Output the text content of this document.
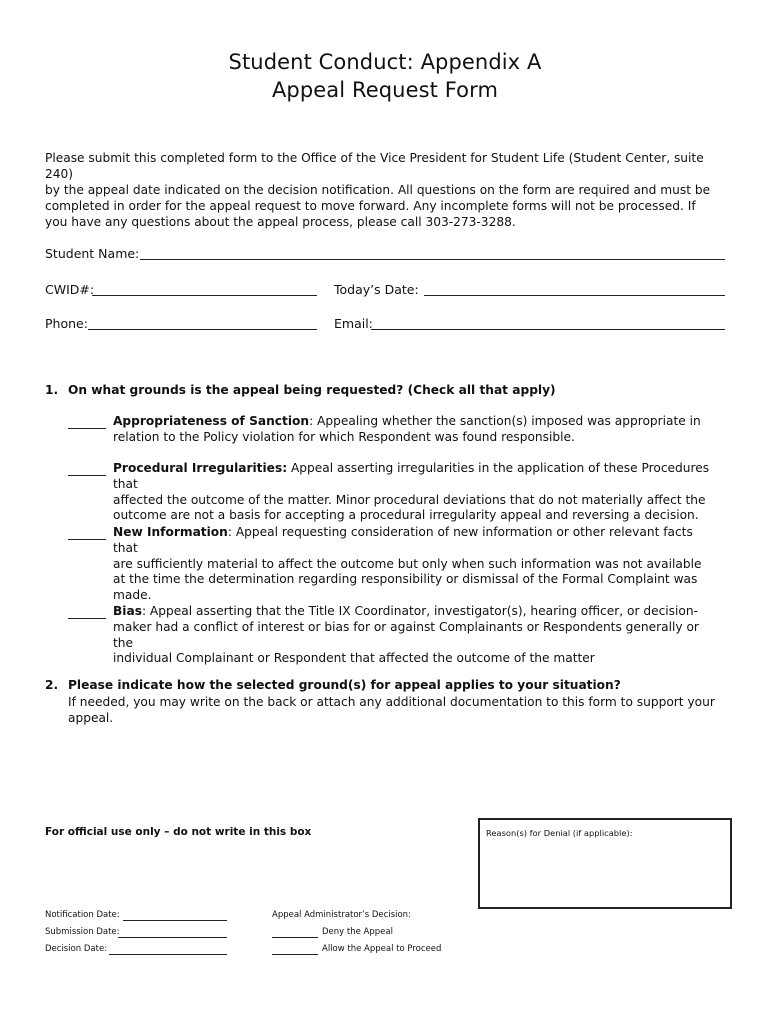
Student Conduct: Appendix A
Appeal Request Form
Please submit this completed form to the Office of the Vice President for Student Life (Student Center, suite 240)
by the appeal date indicated on the decision notification. All questions on the form are required and must be
completed in order for the appeal request to move forward. Any incomplete forms will not be processed. If
you have any questions about the appeal process, please call 303-273-3288.
Student Name:
CWID#:	Today’s Date:
Phone:	Email:
1. On what grounds is the appeal being requested? (Check all that apply)
Appropriateness of Sanction: Appealing whether the sanction(s) imposed was appropriate in
relation to the Policy violation for which Respondent was found responsible.
Procedural Irregularities: Appeal asserting irregularities in the application of these Procedures that
affected the outcome of the matter. Minor procedural deviations that do not materially affect the
outcome are not a basis for accepting a procedural irregularity appeal and reversing a decision.
New Information: Appeal requesting consideration of new information or other relevant facts that
are sufficiently material to affect the outcome but only when such information was not available
at the time the determination regarding responsibility or dismissal of the Formal Complaint was
made.
Bias: Appeal asserting that the Title IX Coordinator, investigator(s), hearing officer, or decision-
maker had a conflict of interest or bias for or against Complainants or Respondents generally or the
individual Complainant or Respondent that affected the outcome of the matter
2. Please indicate how the selected ground(s) for appeal applies to your situation?
If needed, you may write on the back or attach any additional documentation to this form to support your
appeal.
For official use only – do not write in this box	Reason(s) for Denial (if applicable):
Notification Date:
Submission Date:
Decision Date:
Appeal Administrator’s Decision:
Deny the Appeal
Allow the Appeal to Proceed
